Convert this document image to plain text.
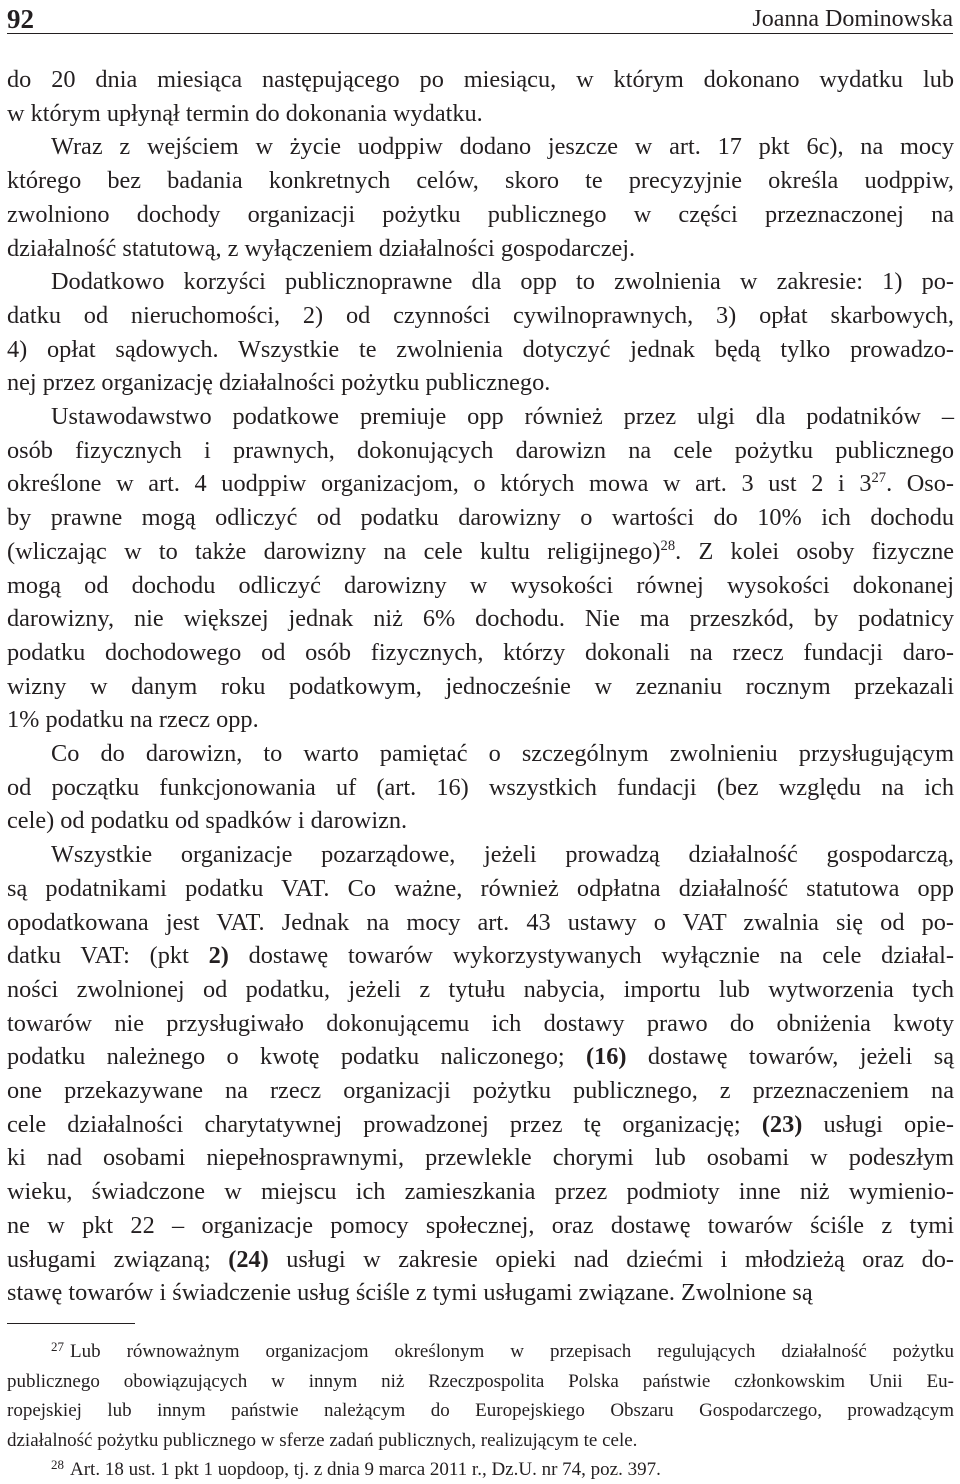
92	Joanna Dominowska
do 20 dnia miesiąca następującego po miesiącu, w którym dokonano wydatku lub
w którym upłynął termin do dokonania wydatku.
Wraz z wejściem w życie uodppiw dodano jeszcze w art. 17 pkt 6c), na mocy
którego bez badania konkretnych celów, skoro te precyzyjnie określa uodppiw,
zwolniono dochody organizacji pożytku publicznego w części przeznaczonej na
działalność statutową, z wyłączeniem działalności gospodarczej.
Dodatkowo korzyści publicznoprawne dla opp to zwolnienia w zakresie: 1) po-
datku od nieruchomości, 2) od czynności cywilnoprawnych, 3) opłat skarbowych,
4) opłat sądowych. Wszystkie te zwolnienia dotyczyć jednak będą tylko prowadzo-
nej przez organizację działalności pożytku publicznego.
Ustawodawstwo podatkowe premiuje opp również przez ulgi dla podatników –
osób fizycznych i prawnych, dokonujących darowizn na cele pożytku publicznego
określone w art. 4 uodppiw organizacjom, o których mowa w art. 3 ust 2 i $3^{27}$. Oso-
by prawne mogą odliczyć od podatku darowizny o wartości do 10% ich dochodu
(wliczając w to także darowizny na cele kultu religijnego)$^{28}$. Z kolei osoby fizyczne
mogą od dochodu odliczyć darowizny w wysokości równej wysokości dokonanej
darowizny, nie większej jednak niż 6% dochodu. Nie ma przeszkód, by podatnicy
podatku dochodowego od osób fizycznych, którzy dokonali na rzecz fundacji daro-
wizny w danym roku podatkowym, jednocześnie w zeznaniu rocznym przekazali
1% podatku na rzecz opp.
Co do darowizn, to warto pamiętać o szczególnym zwolnieniu przysługującym
od początku funkcjonowania uf (art. 16) wszystkich fundacji (bez względu na ich
cele) od podatku od spadków i darowizn.
Wszystkie organizacje pozarządowe, jeżeli prowadzą działalność gospodarczą,
są podatnikami podatku VAT. Co ważne, również odpłatna działalność statutowa opp
opodatkowana jest VAT. Jednak na mocy art. 43 ustawy o VAT zwalnia się od po-
datku VAT: (pkt 2) dostawę towarów wykorzystywanych wyłącznie na cele działal-
ności zwolnionej od podatku, jeżeli z tytułu nabycia, importu lub wytworzenia tych
towarów nie przysługiwało dokonującemu ich dostawy prawo do obniżenia kwoty
podatku należnego o kwotę podatku naliczonego; (16) dostawę towarów, jeżeli są
one przekazywane na rzecz organizacji pożytku publicznego, z przeznaczeniem na
cele działalności charytatywnej prowadzonej przez tę organizację; (23) usługi opie-
ki nad osobami niepełnosprawnymi, przewlekle chorymi lub osobami w podeszłym
wieku, świadczone w miejscu ich zamieszkania przez podmioty inne niż wymienio-
ne w pkt 22 – organizacje pomocy społecznej, oraz dostawę towarów ściśle z tymi
usługami związaną; (24) usługi w zakresie opieki nad dziećmi i młodzieżą oraz do-
stawę towarów i świadczenie usług ściśle z tymi usługami związane. Zwolnione są
$^{27}$ Lub równoważnym organizacjom określonym w przepisach regulujących działalność pożytku
publicznego obowiązujących w innym niż Rzeczpospolita Polska państwie członkowskim Unii Eu-
ropejskiej lub innym państwie należącym do Europejskiego Obszaru Gospodarczego, prowadzącym
działalność pożytku publicznego w sferze zadań publicznych, realizującym te cele.
$^{28}$ Art. 18 ust. 1 pkt 1 uopdoop, tj. z dnia 9 marca 2011 r., Dz.U. nr 74, poz. 397.
